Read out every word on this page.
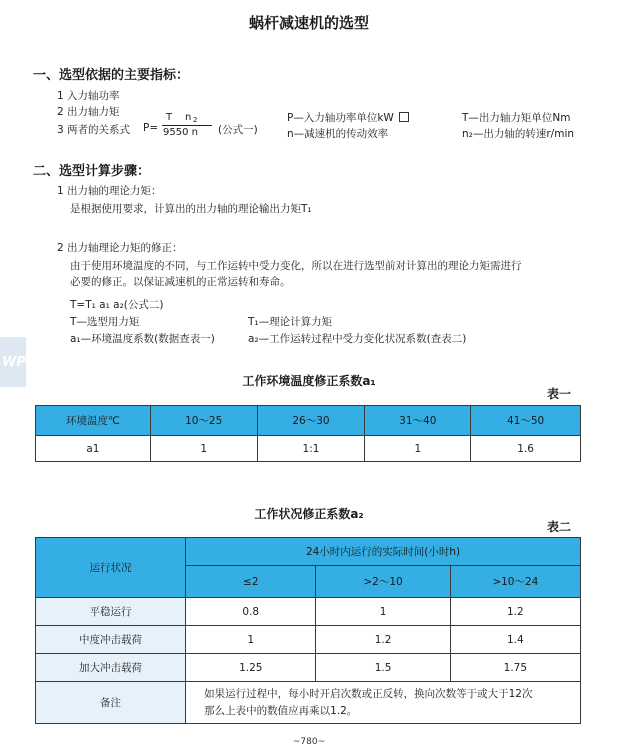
蜗杆减速机的选型
一、选型依据的主要指标：
1 入力轴功率
2 出力轴力矩
3 两者的关系式 P=
T n 2
9550 n (公式一)
P—入力轴功率单位kW	T—出力轴力矩单位Nm
n—减速机的传动效率	n₂—出力轴的转速r/min
二、选型计算步骤：
1 出力轴的理论力矩：
是根据使用要求，计算出的出力轴的理论输出力矩T₁
2 出力轴理论力矩的修正：
由于使用环境温度的不同，与工作运转中受力变化，所以在进行选型前对计算出的理论力矩需进行
必要的修正。以保证减速机的正常运转和寿命。
T=T₁ a₁ a₂(公式二)
T—选型用力矩	T₁—理论计算力矩
a₁—环境温度系数(数据查表一)	a₂—工作运转过程中受力变化状况系数(查表二)
WP
工作环境温度修正系数a₁
表一
环境温度℃	10～25	26～30	31～40	41～50
a1	1	1:1	1	1.6
工作状况修正系数a₂
表二
运行状况	24小时内运行的实际时间(小时h)		
	≤2	>2～10	>10～24
平稳运行	0.8	1	1.2
中度冲击载荷	1	1.2	1.4
加大冲击载荷	1.25	1.5	1.75
备注	如果运行过程中，每小时开启次数或正反转，换向次数等于或大于12次
那么上表中的数值应再乘以1.2。		
~780~
